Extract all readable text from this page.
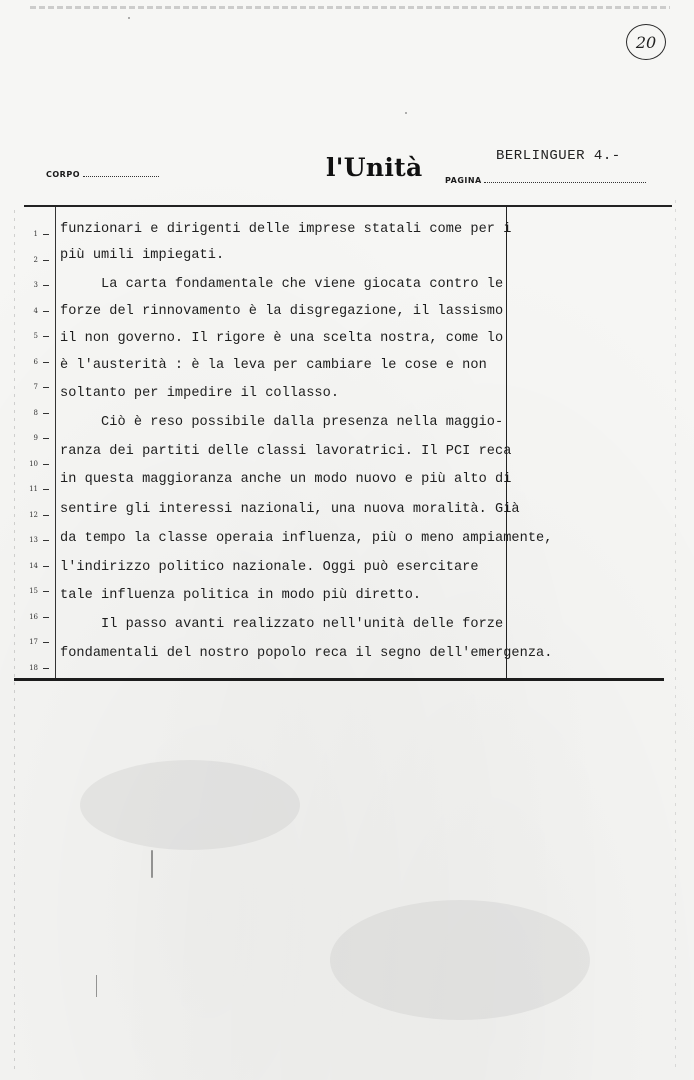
20
BERLINGUER 4.-
CORPO	l'Unità	PAGINA
1
2
3
4
5
6
7
8
9
10
11
12
13
14
15
16
17
18
funzionari e dirigenti delle imprese statali come per i
più umili impiegati.
La carta fondamentale che viene giocata contro le
forze del rinnovamento è la disgregazione, il lassismo
il non governo. Il rigore è una scelta nostra, come lo
è l'austerità : è la leva per cambiare le cose e non
soltanto per impedire il collasso.
Ciò è reso possibile dalla presenza nella maggio-
ranza dei partiti delle classi lavoratrici. Il PCI reca
in questa maggioranza anche un modo nuovo e più alto di
sentire gli interessi nazionali, una nuova moralità. Già
da tempo la classe operaia influenza, più o meno ampiamente,
l'indirizzo politico nazionale. Oggi può esercitare
tale influenza politica in modo più diretto.
Il passo avanti realizzato nell'unità delle forze
fondamentali del nostro popolo reca il segno dell'emergenza.
